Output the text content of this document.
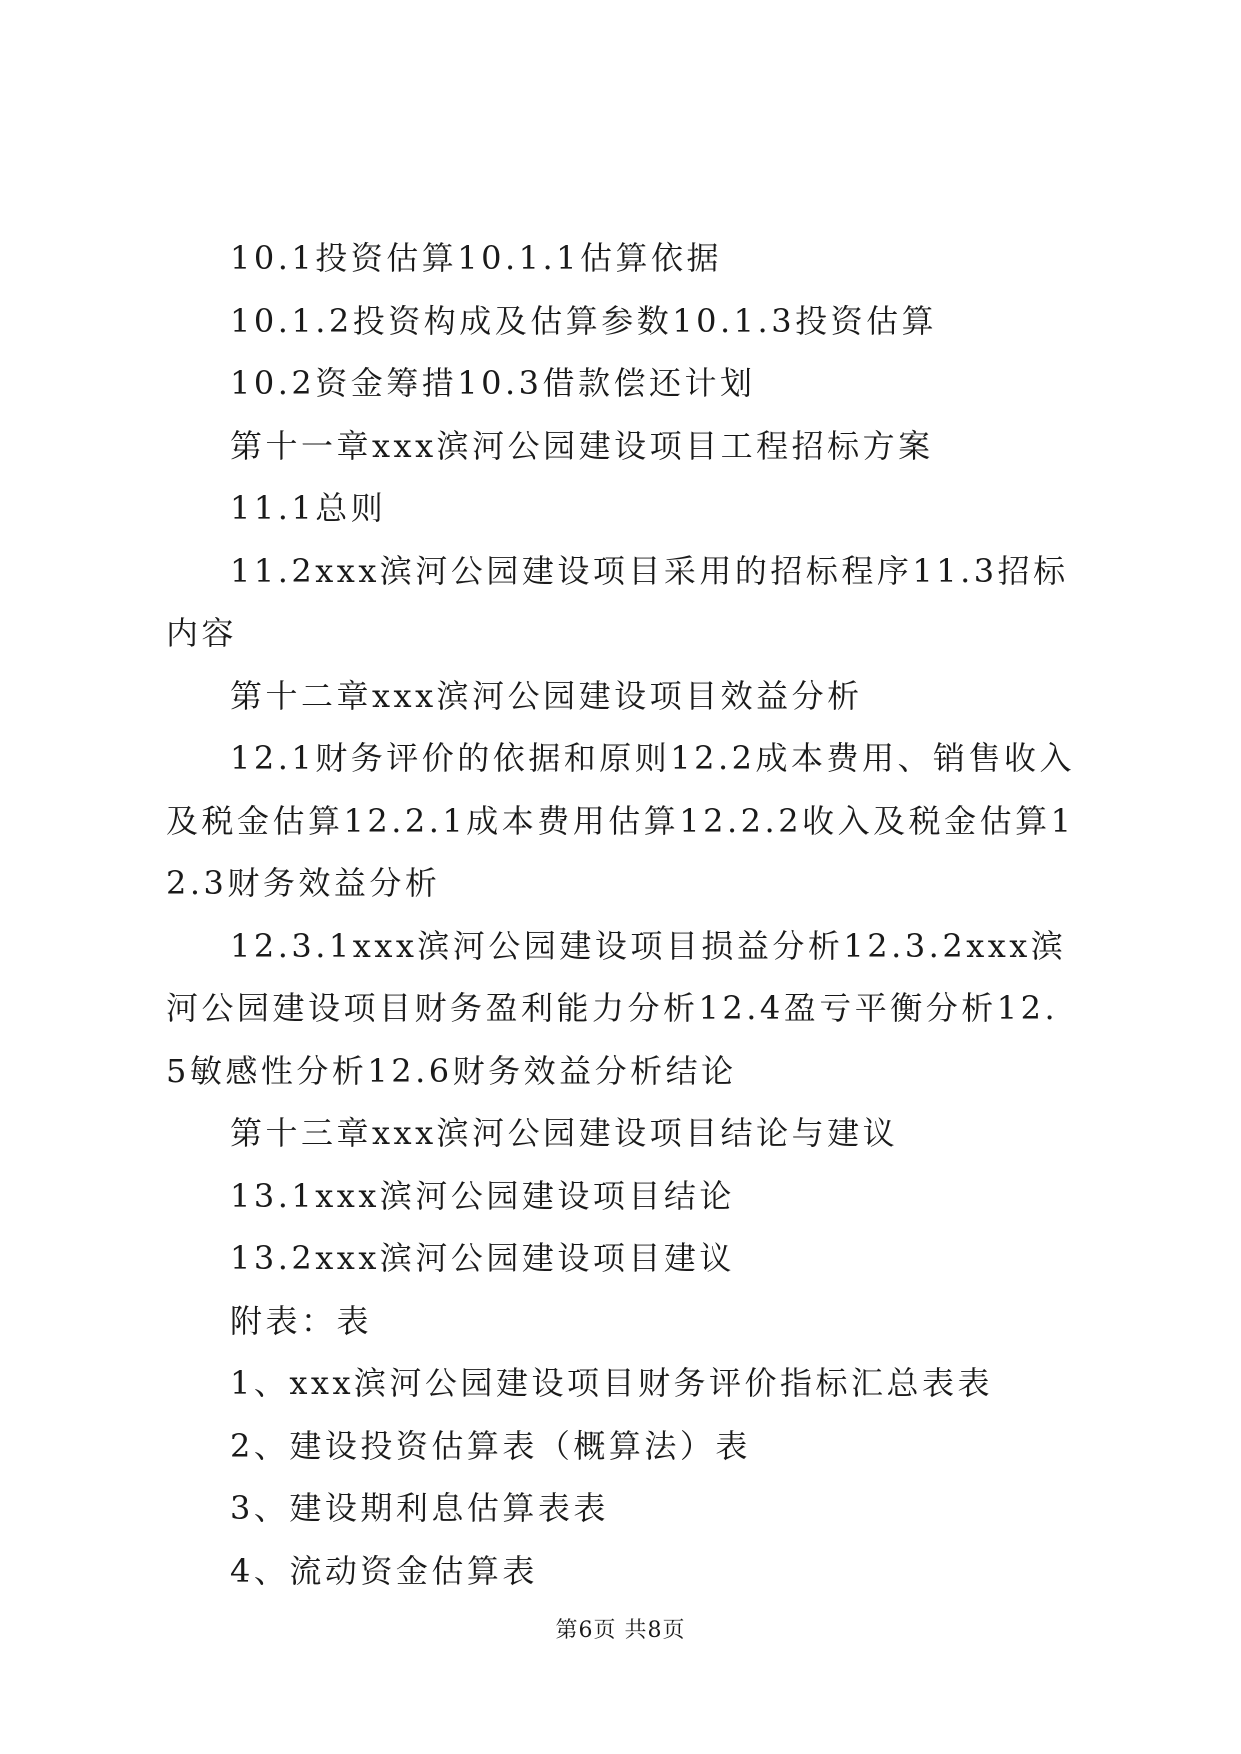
10.1投资估算10.1.1估算依据

10.1.2投资构成及估算参数10.1.3投资估算

10.2资金筹措10.3借款偿还计划

第十一章xxx滨河公园建设项目工程招标方案

11.1总则

11.2xxx滨河公园建设项目采用的招标程序11.3招标内容

第十二章xxx滨河公园建设项目效益分析

12.1财务评价的依据和原则12.2成本费用、销售收入及税金估算12.2.1成本费用估算12.2.2收入及税金估算12.3财务效益分析

12.3.1xxx滨河公园建设项目损益分析12.3.2xxx滨河公园建设项目财务盈利能力分析12.4盈亏平衡分析12.5敏感性分析12.6财务效益分析结论

第十三章xxx滨河公园建设项目结论与建议

13.1xxx滨河公园建设项目结论

13.2xxx滨河公园建设项目建议

附表：表

1、xxx滨河公园建设项目财务评价指标汇总表表

2、建设投资估算表（概算法）表

3、建设期利息估算表表

4、流动资金估算表

第6页 共8页
